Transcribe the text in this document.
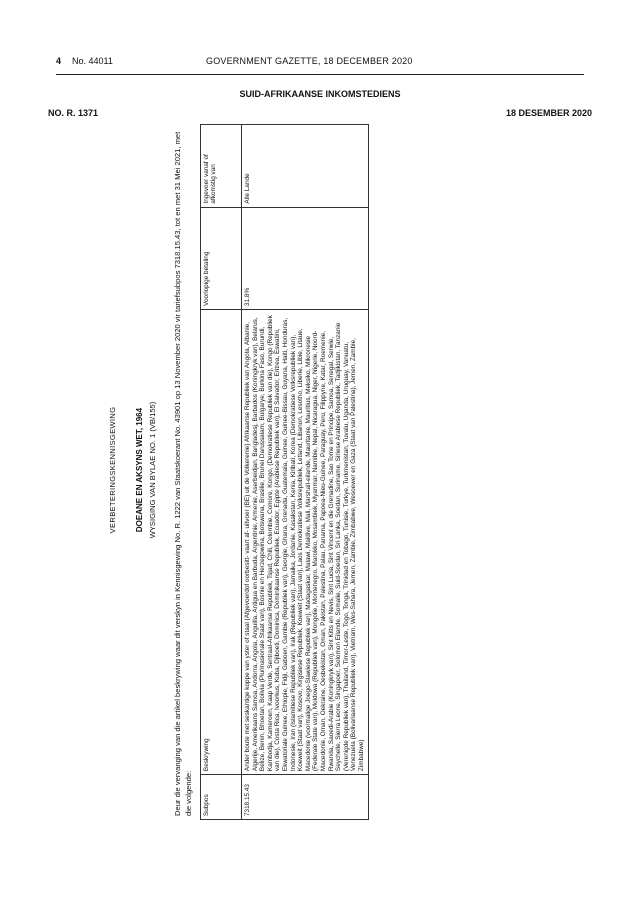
4 No. 44011	GOVERNMENT GAZETTE, 18 DECEMBER 2020
SUID-AFRIKAANSE INKOMSTEDIENS
NO. R. 1371	18 DESEMBER 2020
VERBETERINGSKENNISGEWING DOEANE EN AKSYNS WET, 1964 WYSIGING VAN BYLAE NO. 1 (VB/155) Deur die vervanging van die artikel beskrywing waar dit verskyn in Kennisgewing No. R. 1222 van Staatskoerant No. 43901 op 13 November 2020 vir tariefsubpos 7318.15.43, tot en met 31 Mei 2021, met die volgende: Subpos	Beskrywing	Voorlopige betaling	Ingevoer vanaf of afkomstig van
7318.15.43	Ander boute met seskantige koppe van yster of staal (Afgevoerdof oorbesitt- vaart af- uitvoer (BE) uit de Volkerenie) Afrikaanse Republiek van Angola, Albanie, Algerije, Amerikaans Samoa, Andorra, Angola, Anguilla, Antigua en Barbuda, Argentinie, Armenie, Aserbeidjan, Bangladesj, Barbados (Koningkryk van), Belarus, Belize, Benin, Bhoetan, Bolivia (Plurinasionale Staat van), Bosnie en Herzegowina, Botswana, Brasilie, Brunei Darussalam, Bulgarye, Burkina Faso, Burundi, Kambodja, Kameroen, Kaap Verde, Sentraal-Afrikaanse Republiek, Tsjad, Chili, Colombie, Comore, Kongo, (Demokratiese Republiek van die), Kongo (Republiek van die), Costa Rica, Ivoorkus, Kuba, Djiboeti, Dominica, Dominikaanse Republiek, Ecuador, Egipte (Arabiese Republiek van), El Salvador, Eritrea, Eswatini, Ekwatoriale Guinee, Ethiopie, Fidji, Gaboen, Gambie (Republiek van), Georgie, Ghana, Grenada, Guatemala, Guinee, Guinee-Bissau, Guyana, Haiti, Honduras, Indonesie, Iran (Islamitiese Republiek van), Irak (Republiek van), Jamaika, Jordanie, Kasakstan, Kenia, Kiribati, Korea (Demokratiese Volksrepubliek van), Koeweit (Staat van), Kosovo, Kirgisiese Republiek, Koeweit (Staat van), Laos Demokratiese Volksrepubliek, Letland, Libanon, Lesotho, Liberie, Libie, Litaue, Macedonie (voormalige Joego-Slawiese Republiek van), Madagaskar, Malawi, Maldive, Mali, Marshall-eilande, Mauritanie, Mauritius, Meksiko, Mikronesie (Federale State van), Moldowa (Republiek van), Mongolie, Montenegro, Marokko, Mosambiek, Myanmar, Namibie, Nepal, Nicaragua, Niger, Nigerie, Noord-Macedonie, Oman, Oekraine, Oesbekistan, Oman, Pakistan, Palestina, Palau, Panama, Papoea-Nieu-Guinee, Paraguay, Peru, Filippyne, Katar, Roemenie, Rwanda, Saoedi-Arabie (Koningkryk van), Sint Kitts en Nevis, Sint Lucia, Sint Vincent en die Grenadine, Sao Tome en Principe, Samoa, Senegal, Serwie, Seychelle, Sierra Leone, Singapoer, Solomon Eilande, Somalie, Suid-Soedan, Sri Lanka, Soedan, Suriname, Siriese Arabiese Republiek, Tadjikistan, Tanzanie (Verenigde Republiek van), Thailand, Timor-Leste, Togo, Tonga, Trinidad en Tobago, Tunisie, Turkye, Turkmenistan, Tuvalu, Uganda, Uruguay, Vanuatu, Venezuela (Bolivariaanse Republiek van), Vietnam, Wes-Sahara, Jemen, Zambie, Zimbabwe, Wesoewer en Gaza (Staat van Palestina), Jemen, Zambie, Zimbabwe)	31,8%	Alle Lande
